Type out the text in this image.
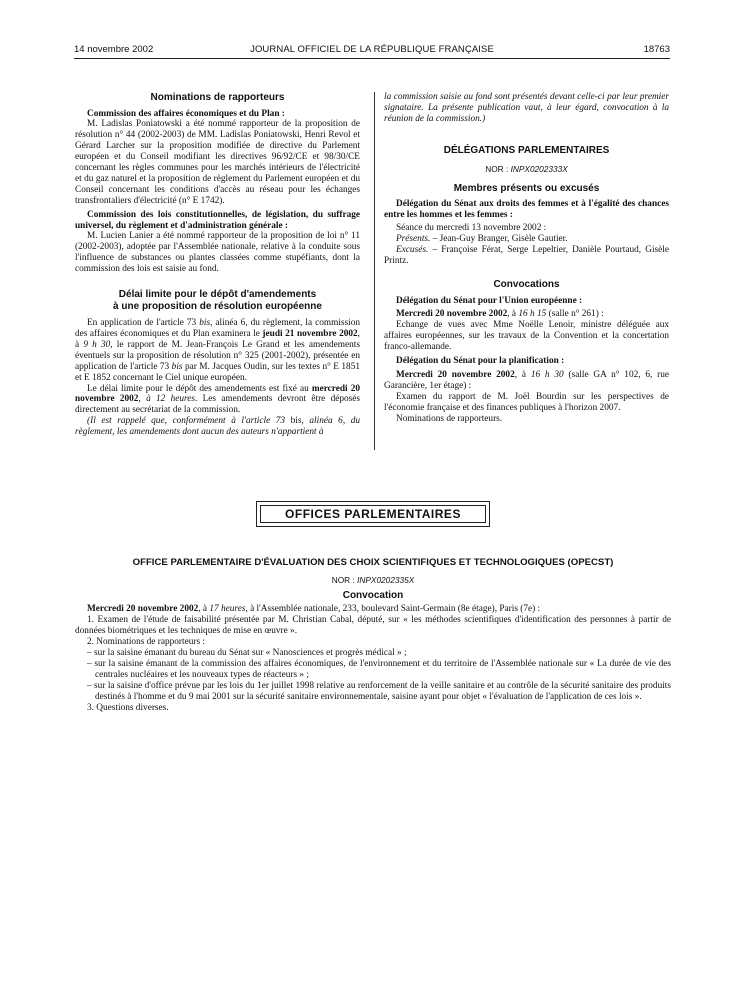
14 novembre 2002	JOURNAL OFFICIEL DE LA RÉPUBLIQUE FRANÇAISE	18763
Nominations de rapporteurs

Commission des affaires économiques et du Plan :

M. Ladislas Poniatowski a été nommé rapporteur de la proposition de résolution n° 44 (2002-2003) de MM. Ladislas Poniatowski, Henri Revol et Gérard Larcher sur la proposition modifiée de directive du Parlement européen et du Conseil modifiant les directives 96/92/CE et 98/30/CE concernant les règles communes pour les marchés intérieurs de l'électricité et du gaz naturel et la proposition de règlement du Parlement européen et du Conseil concernant les conditions d'accès au réseau pour les échanges transfrontaliers d'électricité (n° E 1742).

Commission des lois constitutionnelles, de législation, du suffrage universel, du règlement et d'administration générale :

M. Lucien Lanier a été nommé rapporteur de la proposition de loi n° 11 (2002-2003), adoptée par l'Assemblée nationale, relative à la conduite sous l'influence de substances ou plantes classées comme stupéfiants, dont la commission des lois est saisie au fond.

Délai limite pour le dépôt d'amendements
à une proposition de résolution européenne

En application de l'article 73 bis, alinéa 6, du règlement, la commission des affaires économiques et du Plan examinera le jeudi 21 novembre 2002, à 9 h 30, le rapport de M. Jean-François Le Grand et les amendements éventuels sur la proposition de résolution n° 325 (2001-2002), présentée en application de l'article 73 bis par M. Jacques Oudin, sur les textes n° E 1851 et E 1852 concernant le Ciel unique européen.

Le délai limite pour le dépôt des amendements est fixé au mercredi 20 novembre 2002, à 12 heures. Les amendements devront être déposés directement au secrétariat de la commission.

(Il est rappelé que, conformément à l'article 73 bis, alinéa 6, du règlement, les amendements dont aucun des auteurs n'appartient à

la commission saisie au fond sont présentés devant celle-ci par leur premier signataire. La présente publication vaut, à leur égard, convocation à la réunion de la commission.)

DÉLÉGATIONS PARLEMENTAIRES
NOR : INPX0202333X
Membres présents ou excusés

Délégation du Sénat aux droits des femmes et à l'égalité des chances entre les hommes et les femmes :

Séance du mercredi 13 novembre 2002 :

Présents. – Jean-Guy Branger, Gisèle Gautier.

Excusés. – Françoise Férat, Serge Lepeltier, Danièle Pourtaud, Gisèle Printz.

Convocations

Délégation du Sénat pour l'Union européenne :

Mercredi 20 novembre 2002, à 16 h 15 (salle n° 261) :

Echange de vues avec Mme Noëlle Lenoir, ministre déléguée aux affaires européennes, sur les travaux de la Convention et la concertation franco-allemande.

Délégation du Sénat pour la planification :

Mercredi 20 novembre 2002, à 16 h 30 (salle GA n° 102, 6, rue Garancière, 1er étage) :

Examen du rapport de M. Joël Bourdin sur les perspectives de l'économie française et des finances publiques à l'horizon 2007.

Nominations de rapporteurs.

OFFICES PARLEMENTAIRES
OFFICE PARLEMENTAIRE D'ÉVALUATION DES CHOIX SCIENTIFIQUES ET TECHNOLOGIQUES (OPECST)
NOR : INPX0202335X
Convocation

Mercredi 20 novembre 2002, à 17 heures, à l'Assemblée nationale, 233, boulevard Saint-Germain (8e étage), Paris (7e) :

1. Examen de l'étude de faisabilité présentée par M. Christian Cabal, député, sur « les méthodes scientifiques d'identification des personnes à partir de données biométriques et les techniques de mise en œuvre ».

2. Nominations de rapporteurs :

– sur la saisine émanant du bureau du Sénat sur « Nanosciences et progrès médical » ;

– sur la saisine émanant de la commission des affaires économiques, de l'environnement et du territoire de l'Assemblée nationale sur « La durée de vie des centrales nucléaires et les nouveaux types de réacteurs » ;

– sur la saisine d'office prévue par les lois du 1er juillet 1998 relative au renforcement de la veille sanitaire et au contrôle de la sécurité sanitaire des produits destinés à l'homme et du 9 mai 2001 sur la sécurité sanitaire environnementale, saisine ayant pour objet « l'évaluation de l'application de ces lois ».

3. Questions diverses.
